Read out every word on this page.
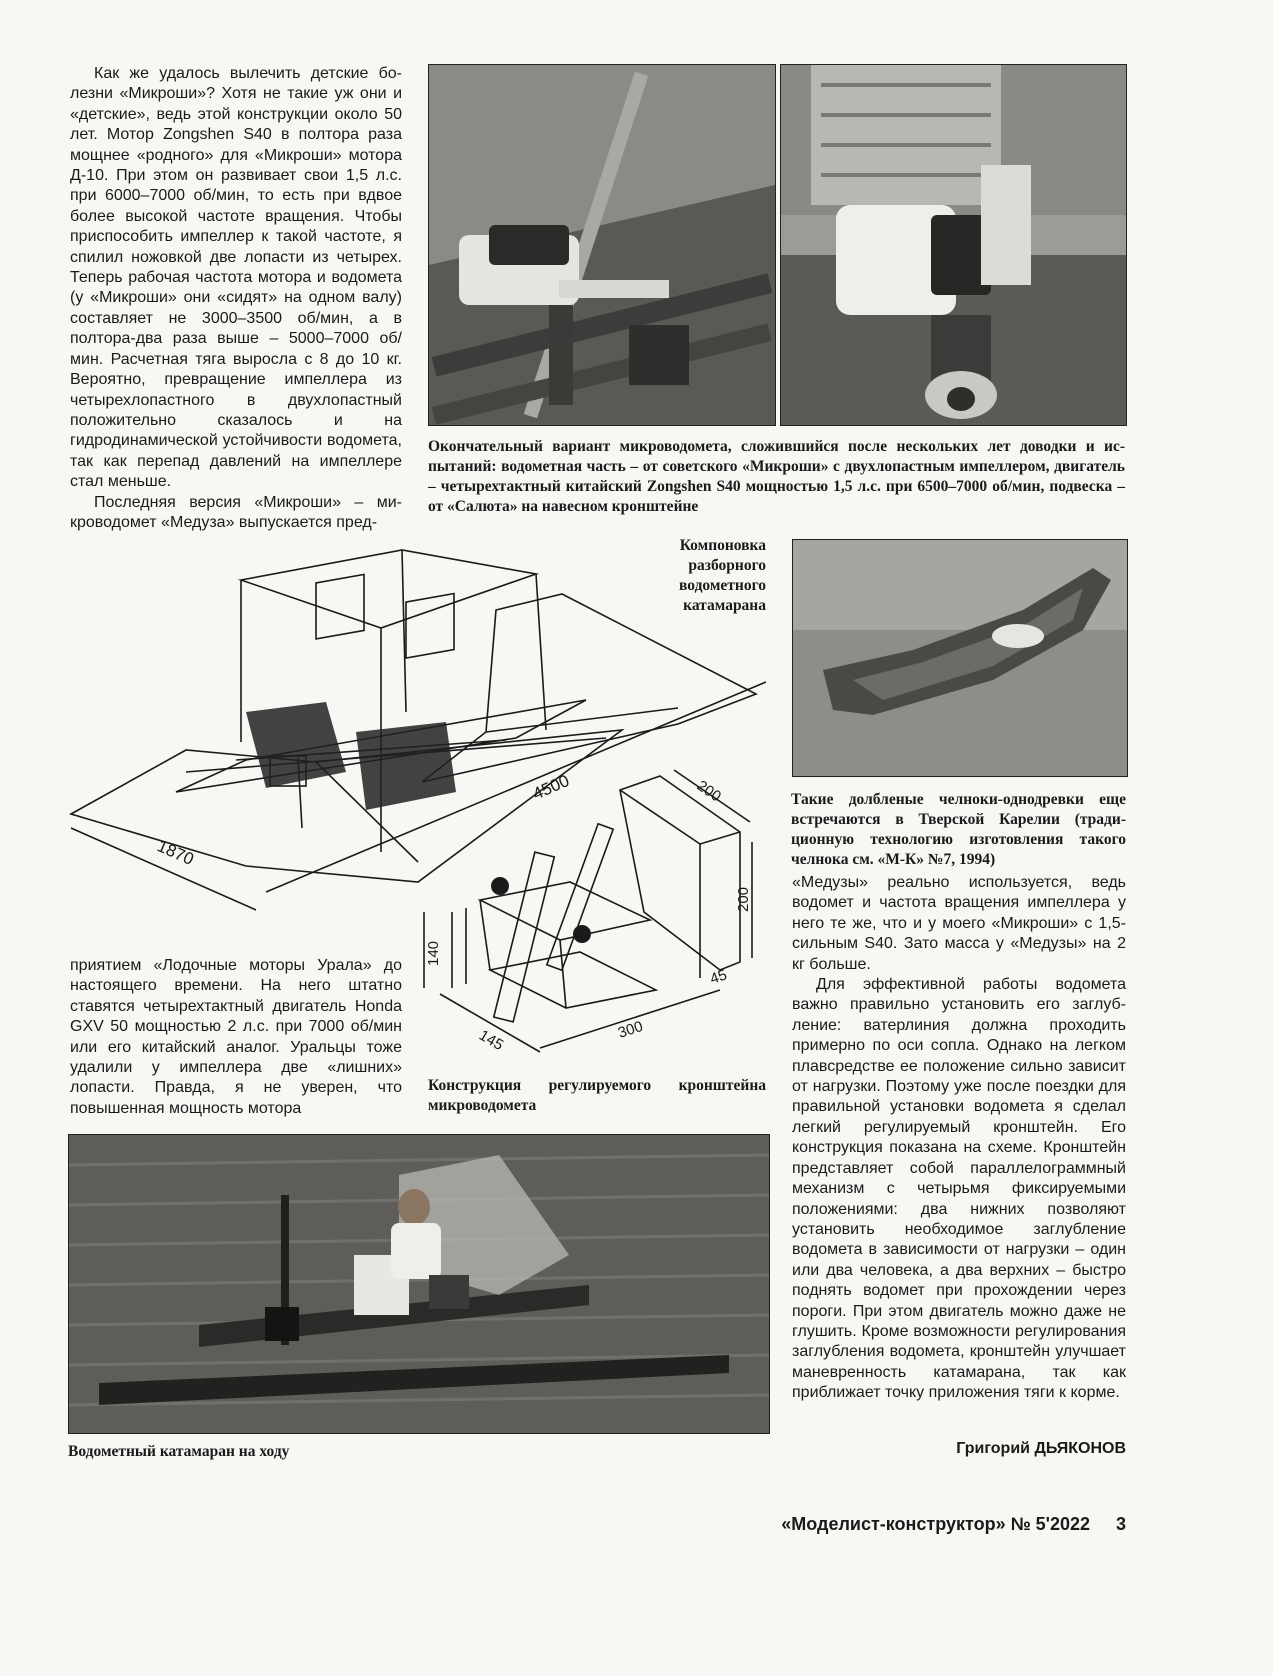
Как же удалось вылечить детские болезни «Микроши»? Хотя не такие уж они и «детские», ведь этой конструкции около 50 лет. Мотор Zongshen S40 в полтора раза мощнее «родного» для «Микроши» мотора Д-10. При этом он развивает свои 1,5 л.с. при 6000–7000 об/мин, то есть при вдвое более высокой частоте вращения. Чтобы приспособить импеллер к такой частоте, я спилил ножовкой две лопасти из четырех. Теперь рабочая частота мотора и водомета (у «Микроши» они «сидят» на одном валу) составляет не 3000–3500 об/мин, а в полтора-два раза выше – 5000–7000 об/мин. Расчетная тяга выросла с 8 до 10 кг. Вероятно, превращение импеллера из четырехлопастного в двухлопастный положительно сказалось и на гидродинамической устойчивости водомета, так как перепад давлений на импеллере стал меньше.

Последняя версия «Микроши» – микроводомет «Медуза» выпускается пред-

Окончательный вариант микроводомета, сложившийся после нескольких лет доводки и испытаний: водометная часть – от советского «Микроши» с двухлопастным импеллером, двигатель – четырехтактный китайский Zongshen S40 мощностью 1,5 л.с. при 6500–7000 об/мин, подвеска – от «Салюта» на навесном кронштейне
4500
1870
Компоновка разборного водометного катамарана
Такие долбленые челноки-однодревки еще встречаются в Тверской Карелии (традиционную технологию изготовления такого челнока см. «М-К» №7, 1994)
200
200
140
145	300
45

приятием «Лодочные моторы Урала» до настоящего времени. На него штатно ставятся четырехтактный двигатель Honda GXV 50 мощностью 2 л.с. при 7000 об/мин или его китайский аналог. Уральцы тоже удалили у импеллера две «лишних» лопасти. Правда, я не уверен, что повышенная мощность мотора

Конструкция регулируемого кронштейна микроводомета

«Медузы» реально используется, ведь водомет и частота вращения импеллера у него те же, что и у моего «Микроши» с 1,5-сильным S40. Зато масса у «Медузы» на 2 кг больше.

Для эффективной работы водомета важно правильно установить его заглубление: ватерлиния должна проходить примерно по оси сопла. Однако на легком плавсредстве ее положение сильно зависит от нагрузки. Поэтому уже после поездки для правильной установки водомета я сделал легкий регулируемый кронштейн. Его конструкция показана на схеме. Кронштейн представляет собой параллелограммный механизм с четырьмя фиксируемыми положениями: два нижних позволяют установить необходимое заглубление водомета в зависимости от нагрузки – один или два человека, а два верхних – быстро поднять водомет при прохождении через пороги. При этом двигатель можно даже не глушить. Кроме возможности регулирования заглубления водомета, кронштейн улучшает маневренность катамарана, так как приближает точку приложения тяги к корме.

Водометный катамаран на ходу	Григорий ДЬЯКОНОВ
«Моделист-конструктор» № 5'2022	3
